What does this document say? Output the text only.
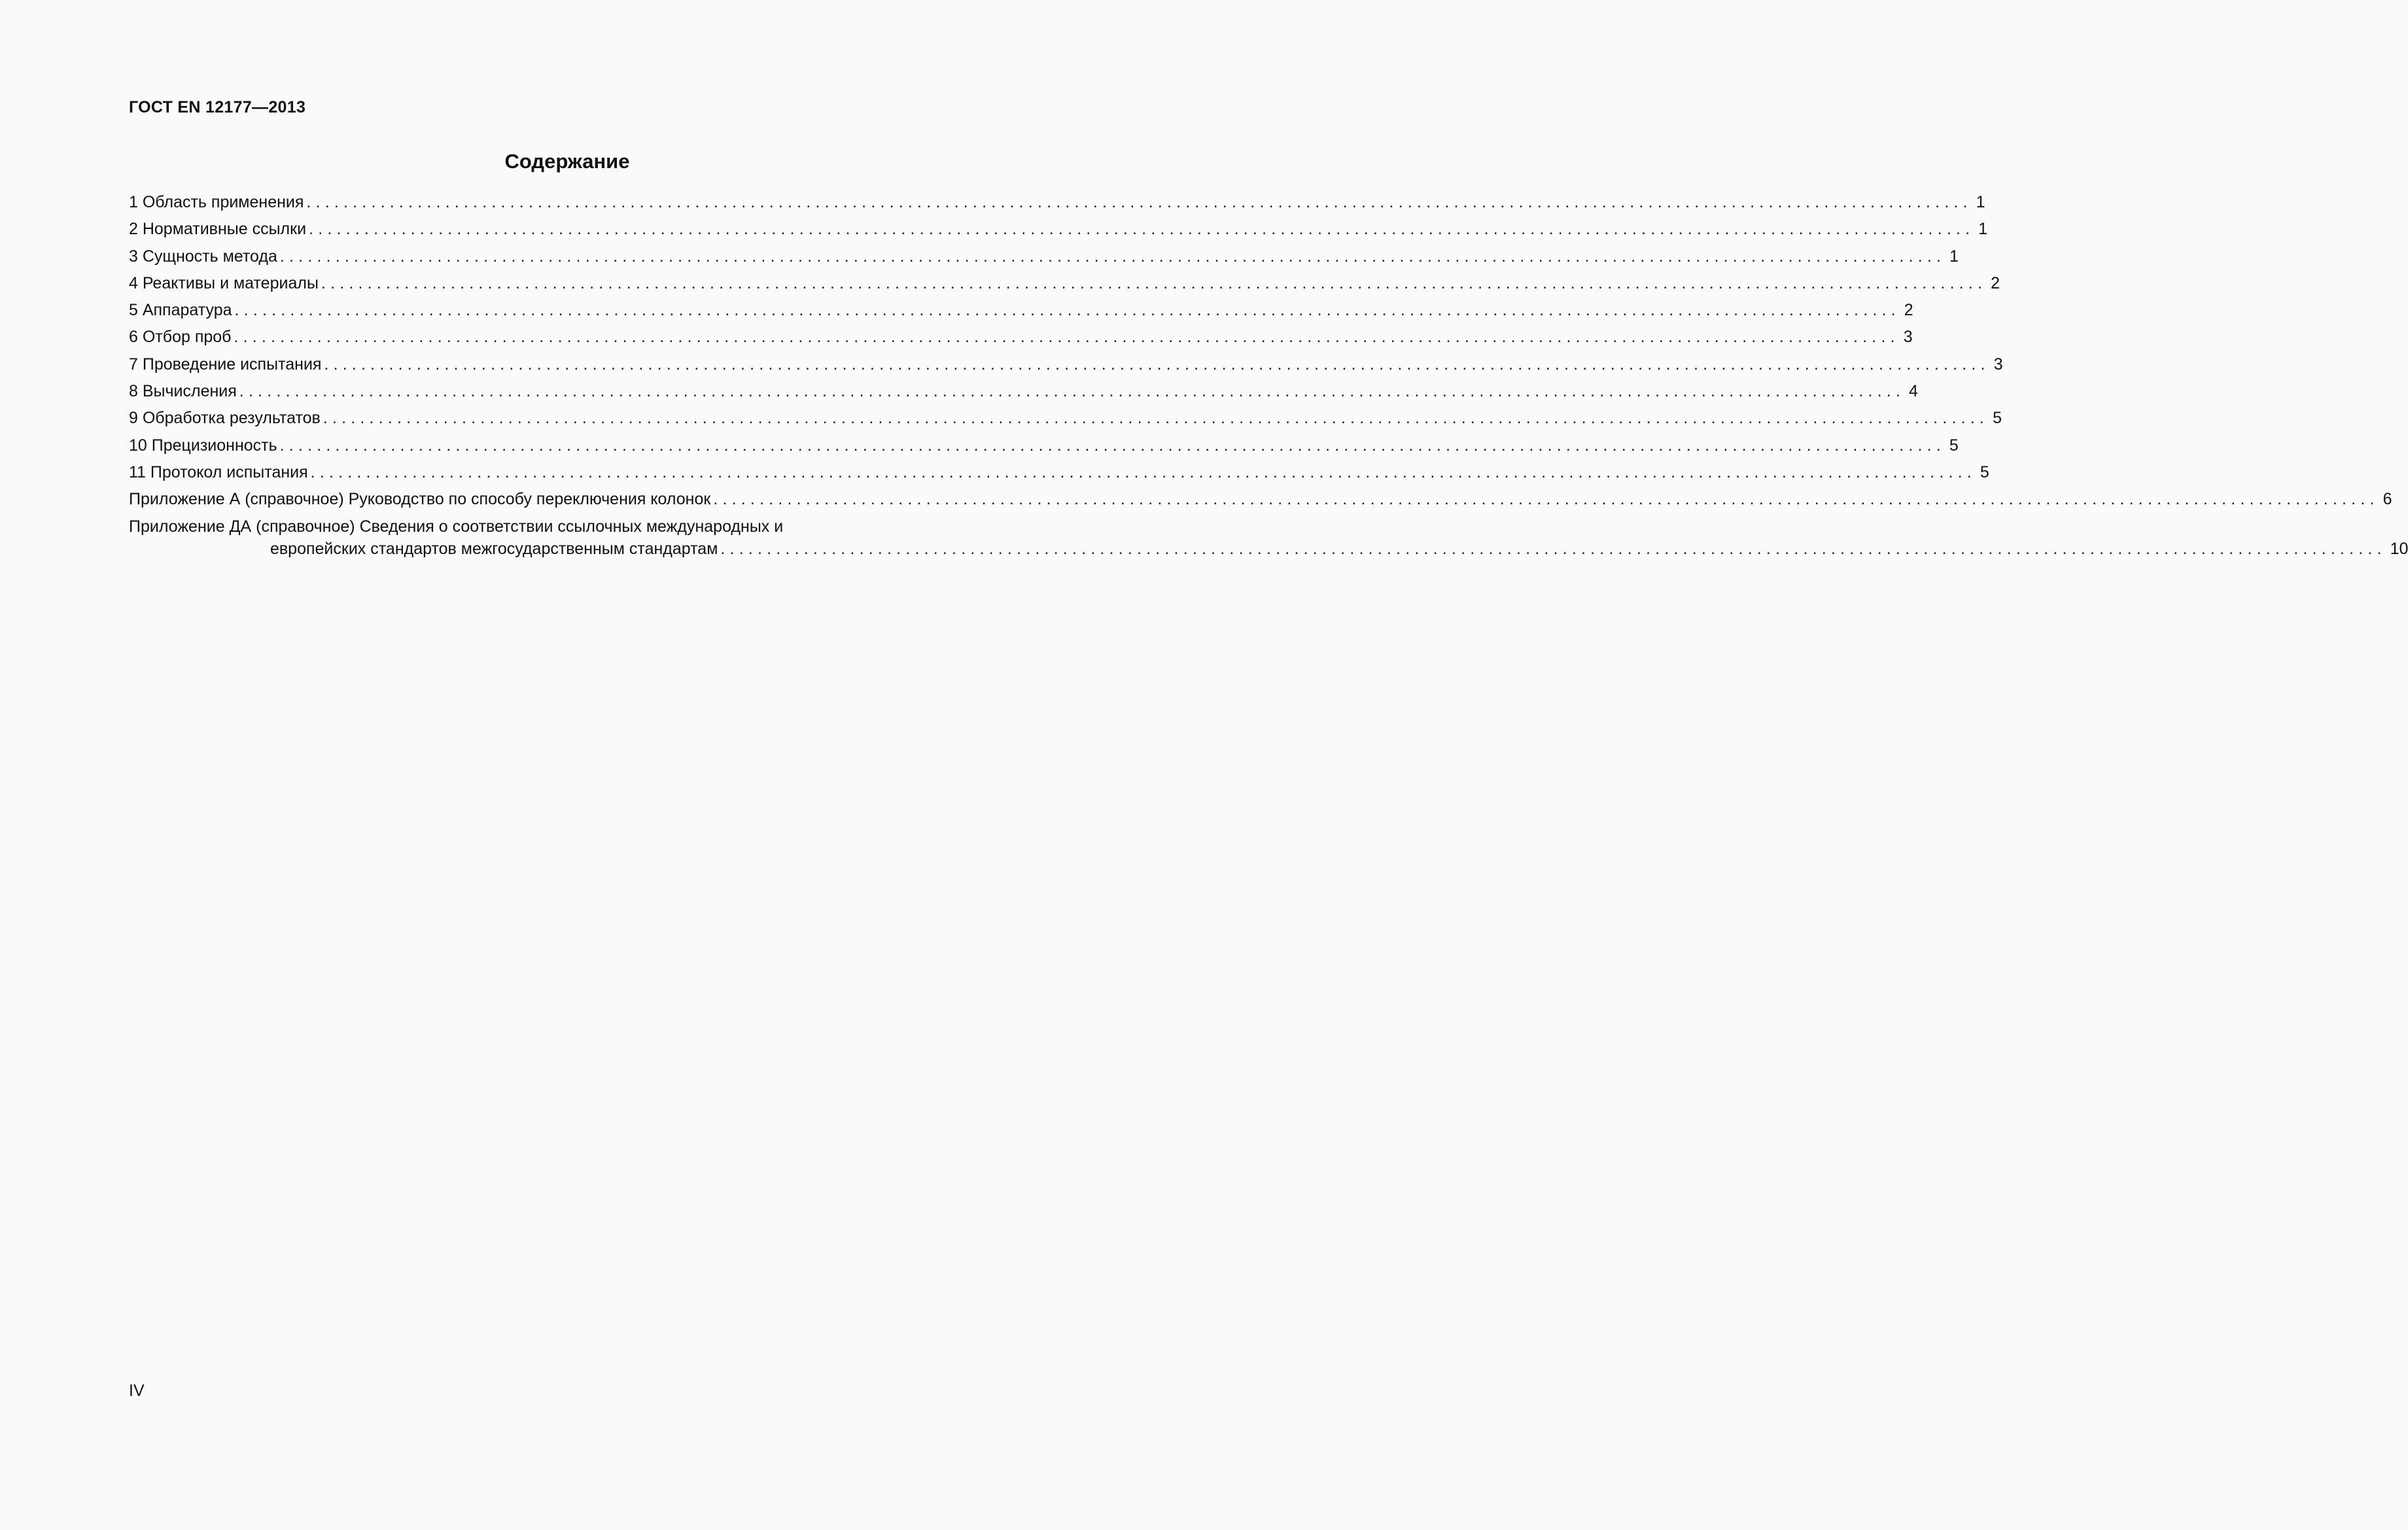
ГОСТ EN 12177—2013
Содержание
1 Область применения .................................................................................................................................................................................... 1
2 Нормативные ссылки .................................................................................................................................................................................... 1
3 Сущность метода .................................................................................................................................................................................... 1
4 Реактивы и материалы .................................................................................................................................................................................... 2
5 Аппаратура .................................................................................................................................................................................... 2
6 Отбор проб .................................................................................................................................................................................... 3
7 Проведение испытания .................................................................................................................................................................................... 3
8 Вычисления .................................................................................................................................................................................... 4
9 Обработка результатов .................................................................................................................................................................................... 5
10 Прецизионность .................................................................................................................................................................................... 5
11 Протокол испытания .................................................................................................................................................................................... 5
Приложение А (справочное) Руководство по способу переключения колонок .................................................................................................................................................................................... 6
Приложение ДА (справочное) Сведения о соответствии ссылочных международных и
европейских стандартов межгосударственным стандартам .................................................................................................................................................................................... 10
IV
